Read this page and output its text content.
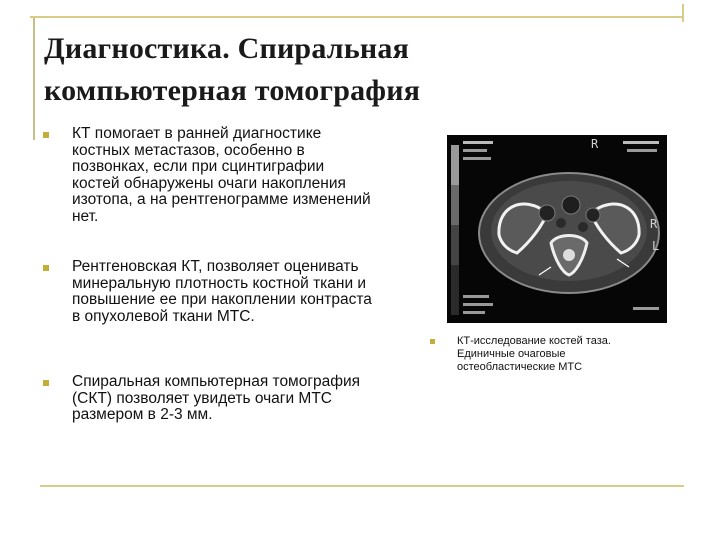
Диагностика. Спиральная
компьютерная томография
КТ помогает в ранней диагностике костных метастазов, особенно в позвонках, если при сцинтиграфии костей обнаружены очаги накопления изотопа, а на рентгенограмме изменений нет.
Рентгеновская КТ, позволяет оценивать минеральную плотность костной ткани и повышение ее при накоплении контраста в опухолевой ткани МТС.
Спиральная компьютерная томография (СКТ) позволяет увидеть очаги МТС размером в 2-3 мм.
R
R
L
КТ-исследование костей таза.
Единичные очаговые
остеобластические МТС
